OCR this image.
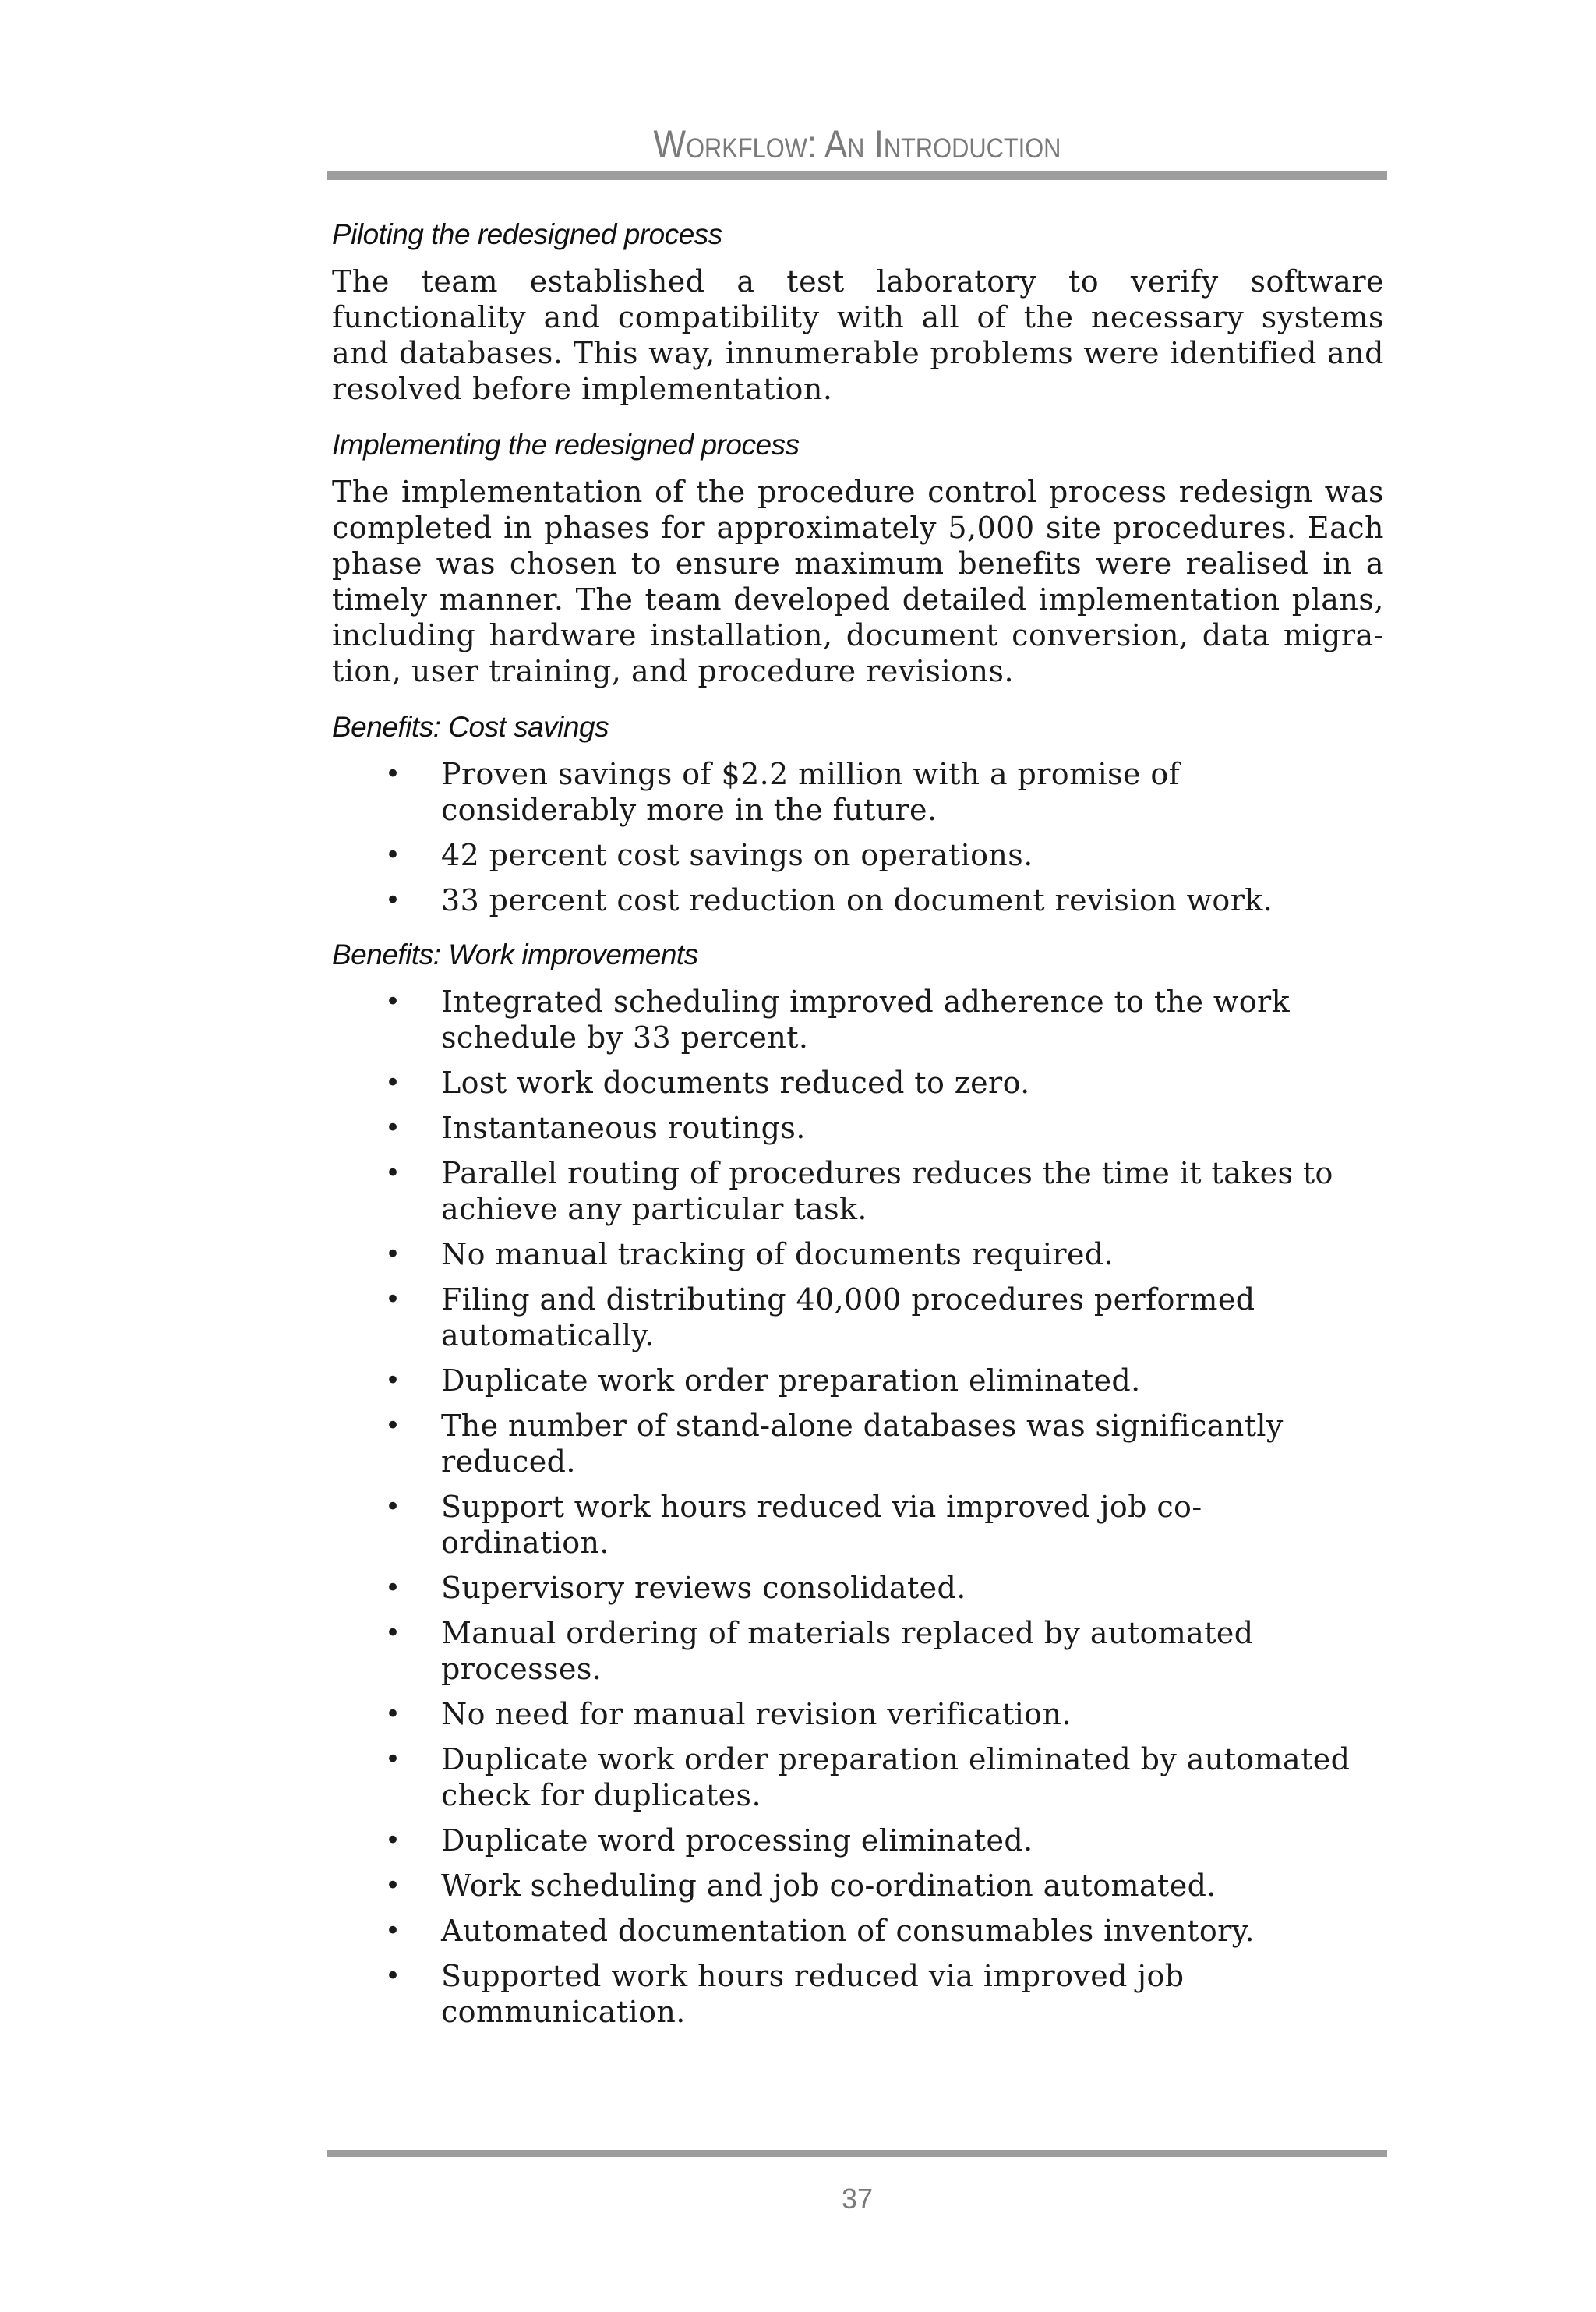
Workflow: An Introduction
Piloting the redesigned process

The team established a test laboratory to verify software functionality and compatibility with all of the necessary systems and databases. This way, innumerable problems were identified and resolved before implementation.

Implementing the redesigned process

The implementation of the procedure control process redesign was completed in phases for approximately 5,000 site procedures. Each phase was chosen to ensure maximum benefits were realised in a timely manner. The team developed detailed implementation plans, including hardware installation, document conversion, data migra-tion, user training, and procedure revisions.

Benefits: Cost savings
• Proven savings of $2.2 million with a promise of considerably more in the future.
• 42 percent cost savings on operations.
• 33 percent cost reduction on document revision work.
Benefits: Work improvements
• Integrated scheduling improved adherence to the work schedule by 33 percent.
• Lost work documents reduced to zero.
• Instantaneous routings.
• Parallel routing of procedures reduces the time it takes to achieve any particular task.
• No manual tracking of documents required.
• Filing and distributing 40,000 procedures performed automatically.
• Duplicate work order preparation eliminated.
• The number of stand-alone databases was significantly reduced.
• Support work hours reduced via improved job co-ordination.
• Supervisory reviews consolidated.
• Manual ordering of materials replaced by automated processes.
• No need for manual revision verification.
• Duplicate work order preparation eliminated by automated check for duplicates.
• Duplicate word processing eliminated.
• Work scheduling and job co-ordination automated.
• Automated documentation of consumables inventory.
• Supported work hours reduced via improved job communication.
37
